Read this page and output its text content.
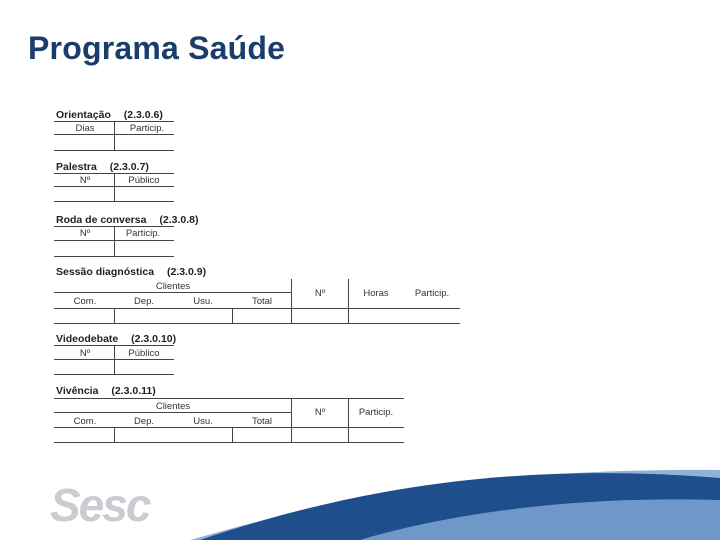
Programa Saúde
Orientação (2.3.0.6)
Dias	Particip.
Palestra (2.3.0.7)
Nº	Público
Roda de conversa (2.3.0.8)
Nº	Particip.
Sessão diagnóstica (2.3.0.9)
Clientes
Com.	Dep.	Usu.	Total
Nº	Horas	Particip.
Videodebate (2.3.0.10)
Nº	Público
Vivência (2.3.0.11)
Clientes
Com.	Dep.	Usu.	Total
Nº	Particip.
Sesc
